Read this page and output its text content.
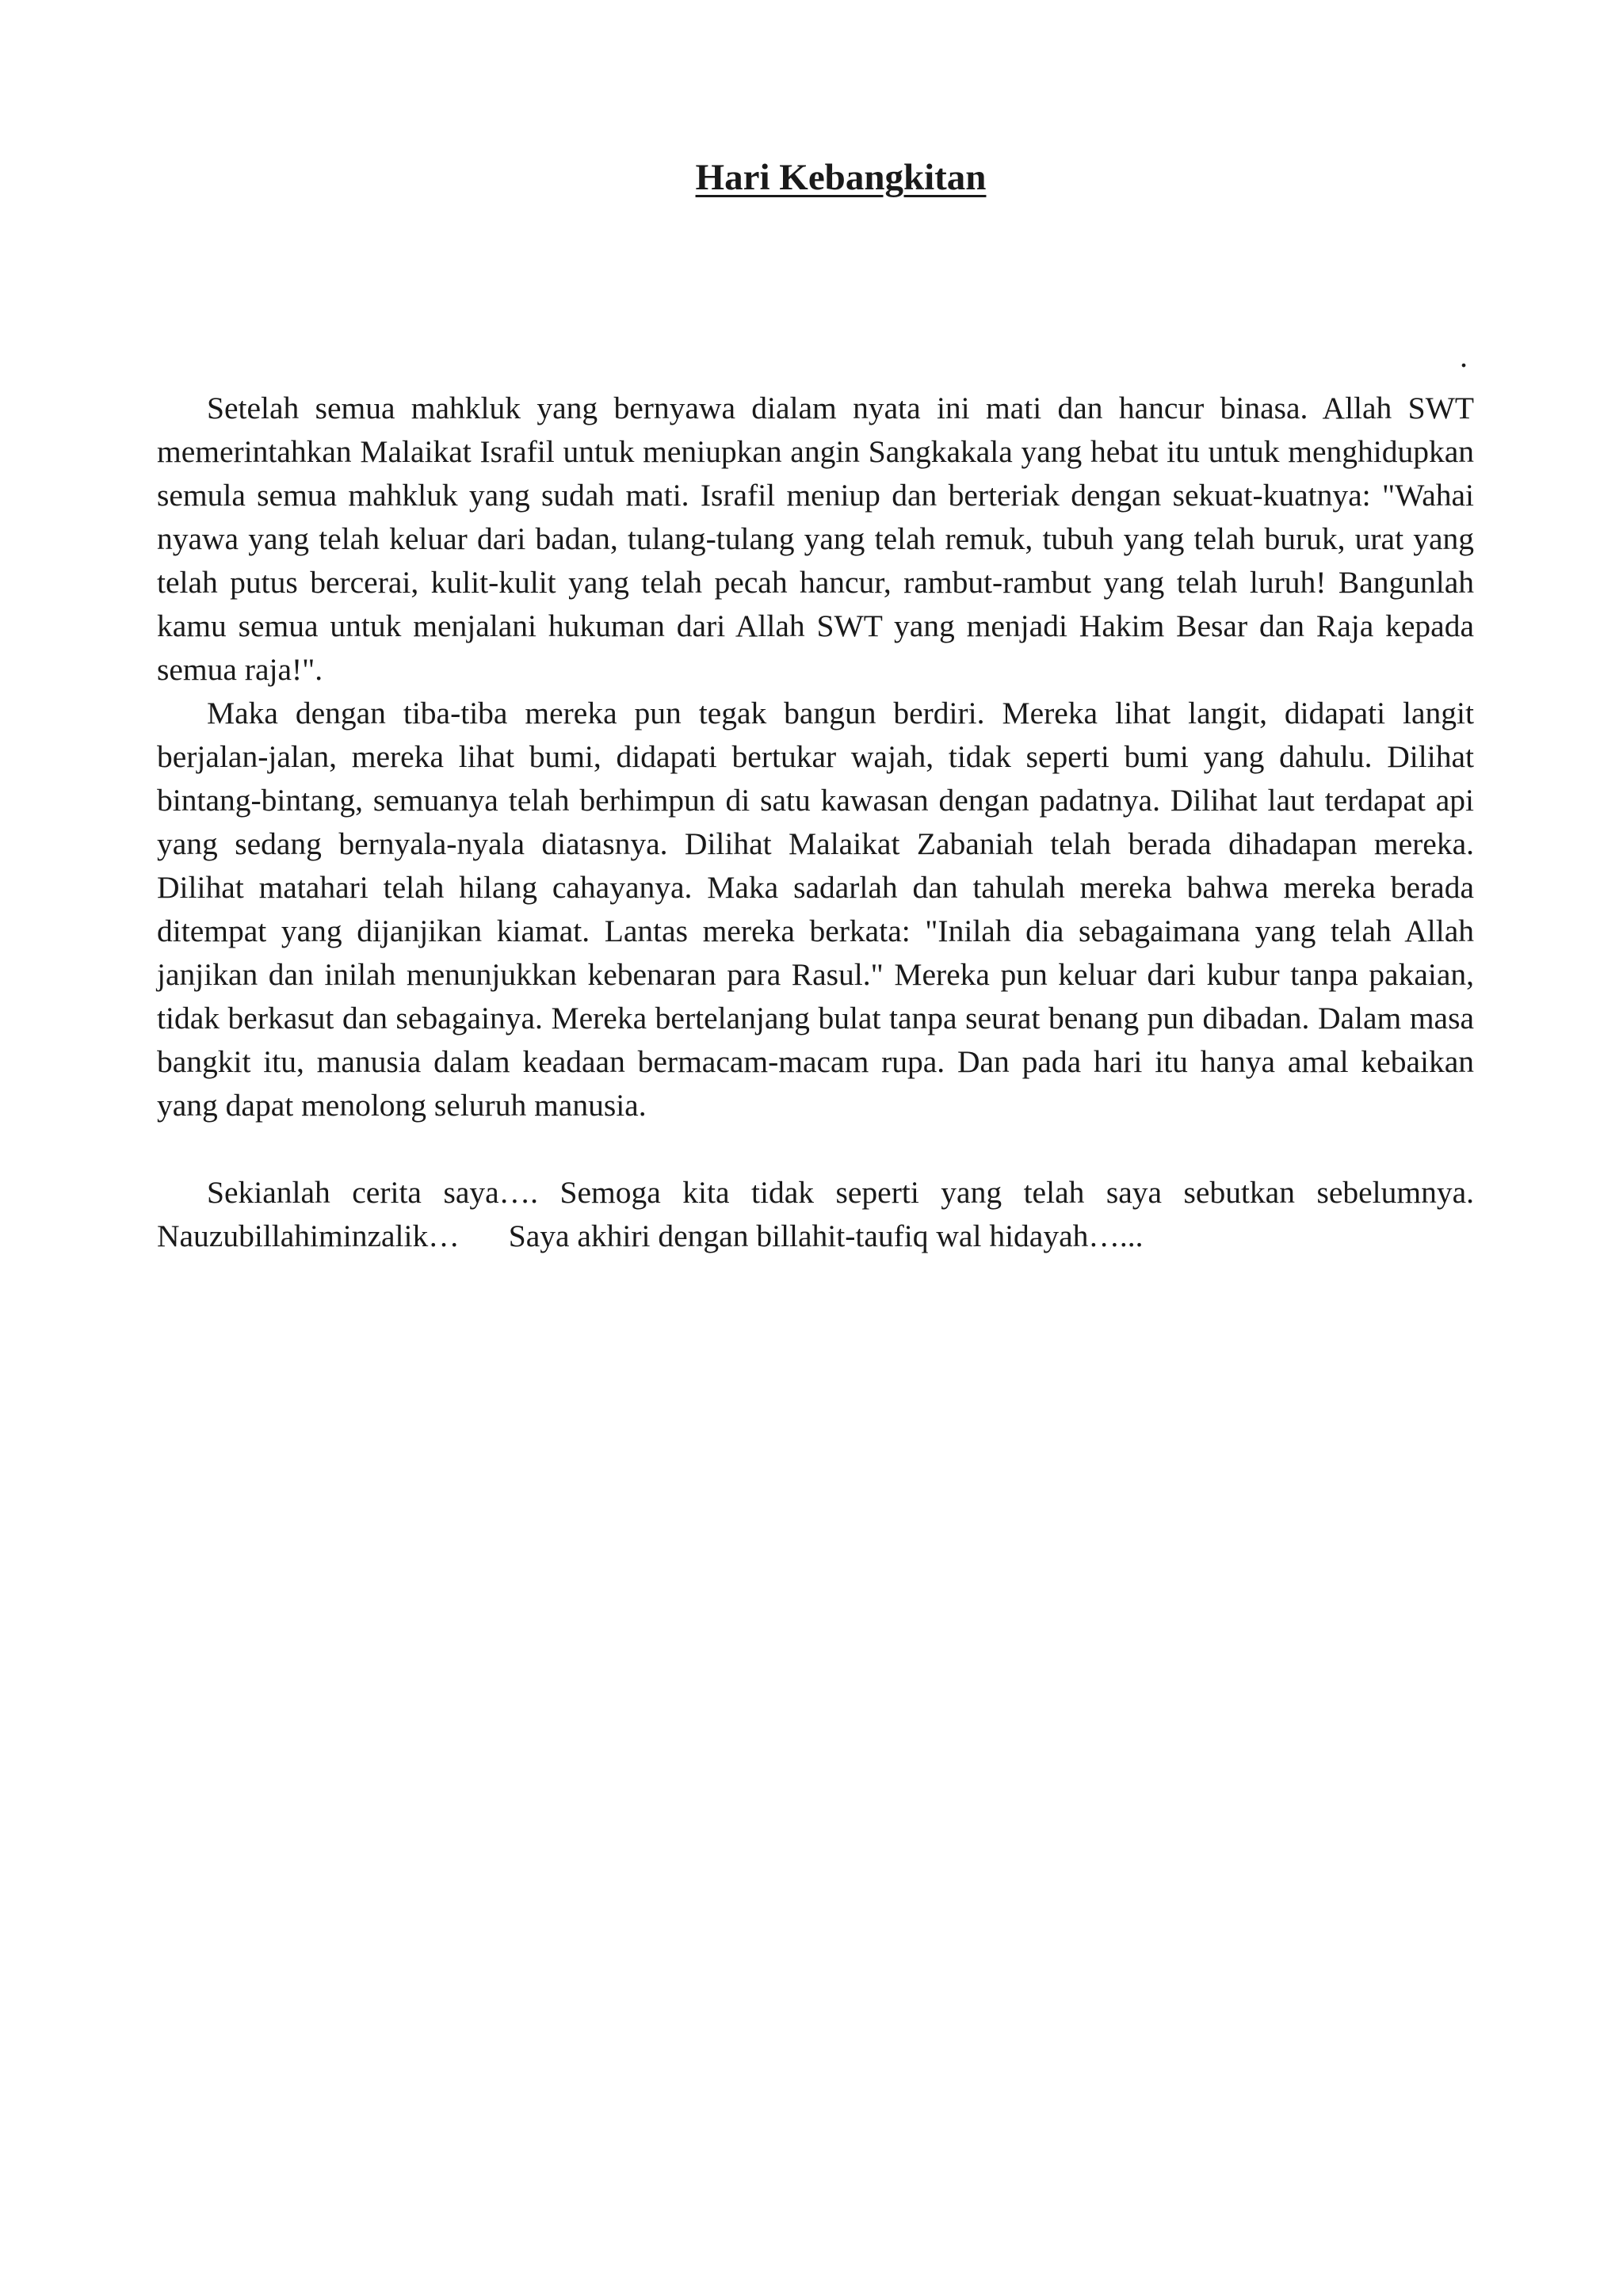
Hari Kebangkitan
.

Setelah semua mahkluk yang bernyawa dialam nyata ini mati dan hancur binasa. Allah SWT memerintahkan Malaikat Israfil untuk meniupkan angin Sangkakala yang hebat itu untuk menghidupkan semula semua mahkluk yang sudah mati. Israfil meniup dan berteriak dengan sekuat-kuatnya: "Wahai nyawa yang telah keluar dari badan, tulang-tulang yang telah remuk, tubuh yang telah buruk, urat yang telah putus bercerai, kulit-kulit yang telah pecah hancur, rambut-rambut yang telah luruh! Bangunlah kamu semua untuk menjalani hukuman dari Allah SWT yang menjadi Hakim Besar dan Raja kepada semua raja!".

Maka dengan tiba-tiba mereka pun tegak bangun berdiri. Mereka lihat langit, didapati langit berjalan-jalan, mereka lihat bumi, didapati bertukar wajah, tidak seperti bumi yang dahulu. Dilihat bintang-bintang, semuanya telah berhimpun di satu kawasan dengan padatnya. Dilihat laut terdapat api yang sedang bernyala-nyala diatasnya. Dilihat Malaikat Zabaniah telah berada dihadapan mereka. Dilihat matahari telah hilang cahayanya. Maka sadarlah dan tahulah mereka bahwa mereka berada ditempat yang dijanjikan kiamat. Lantas mereka berkata: "Inilah dia sebagaimana yang telah Allah janjikan dan inilah menunjukkan kebenaran para Rasul." Mereka pun keluar dari kubur tanpa pakaian, tidak berkasut dan sebagainya. Mereka bertelanjang bulat tanpa seurat benang pun dibadan. Dalam masa bangkit itu, manusia dalam keadaan bermacam-macam rupa. Dan pada hari itu hanya amal kebaikan yang dapat menolong seluruh manusia.

Sekianlah cerita saya…. Semoga kita tidak seperti yang telah saya sebutkan sebelumnya. Nauzubillahiminzalik… Saya akhiri dengan billahit-taufiq wal hidayah…...
